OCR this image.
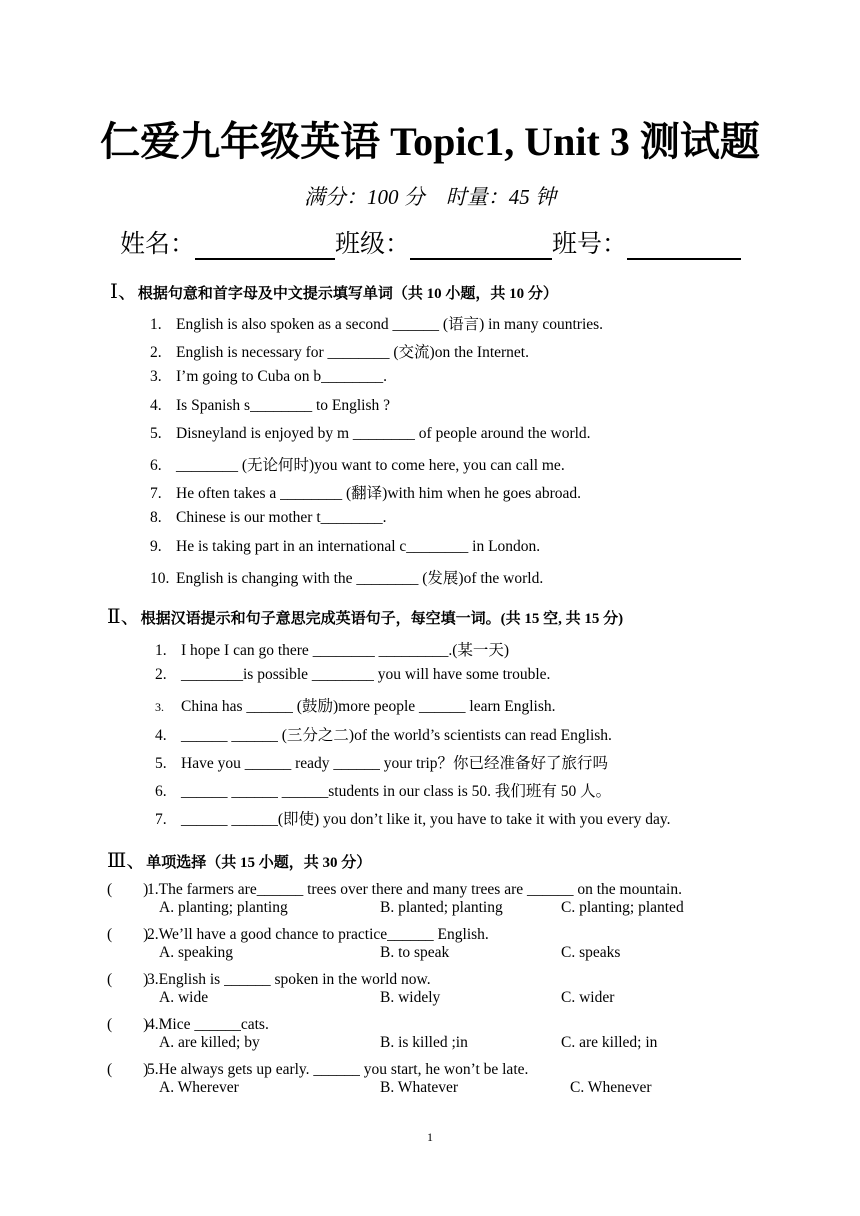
仁爱九年级英语 Topic1, Unit 3 测试题
满分：100 分　时量：45 钟
姓名：	班级：	班号：
Ⅰ、根据句意和首字母及中文提示填写单词（共 10 小题，共 10 分）
1. English is also spoken as a second ______ (语言) in many countries.
2. English is necessary for ________ (交流)on the Internet.
3. I’m going to Cuba on b________.
4. Is Spanish s________ to English ?
5. Disneyland is enjoyed by m ________ of people around the world.
6. ________ (无论何时)you want to come here, you can call me.
7. He often takes a ________ (翻译)with him when he goes abroad.
8. Chinese is our mother t________.
9. He is taking part in an international c________ in London.
10. English is changing with the ________ (发展)of the world.
Ⅱ、根据汉语提示和句子意思完成英语句子，每空填一词。(共 15 空, 共 15 分)
1. I hope I can go there ________ _________.(某一天)
2. ________is possible ________ you will have some trouble.
3. China has ______ (鼓励)more people ______ learn English.
4. ______ ______ (三分之二)of the world’s scientists can read English.
5. Have you ______ ready ______ your trip？你已经准备好了旅行吗
6. ______ ______ ______students in our class is 50. 我们班有 50 人。
7. ______ ______(即使) you don’t like it, you have to take it with you every day.
Ⅲ、单项选择（共 15 小题，共 30 分）
(　　)1.The farmers are______ trees over there and many trees are ______ on the mountain.
A. planting; planting	B. planted; planting	C. planting; planted
(　　)2.We’ll have a good chance to practice______ English.
A. speaking	B. to speak	C. speaks
(　　)3.English is ______ spoken in the world now.
A. wide	B. widely	C. wider
(　　)4.Mice ______cats.
A. are killed; by	B. is killed ;in	C. are killed; in
(　　)5.He always gets up early. ______ you start, he won’t be late.
A. Wherever	B. Whatever	C. Whenever
1
